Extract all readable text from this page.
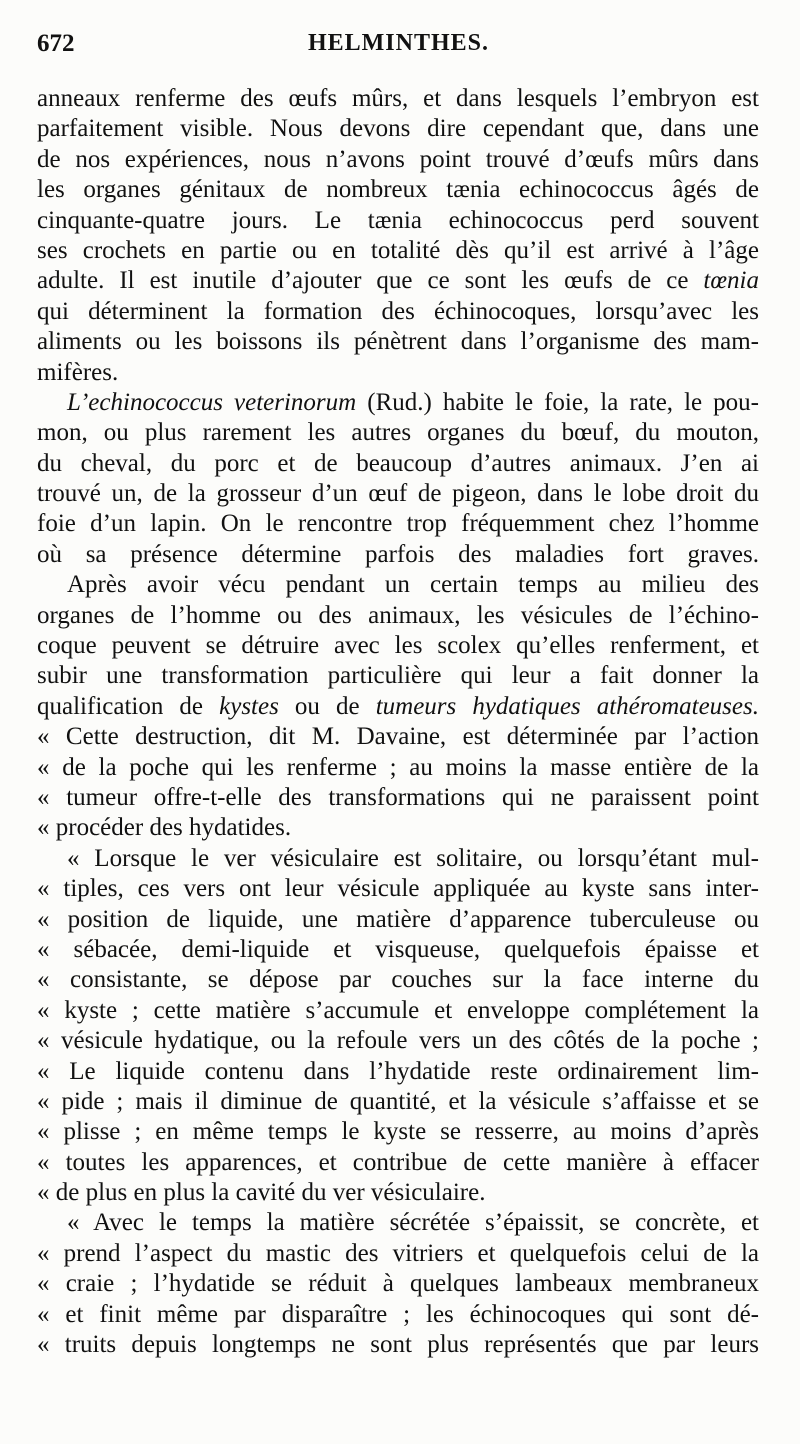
672	HELMINTHES.
anneaux renferme des œufs mûrs, et dans lesquels l’embryon est
parfaitement visible. Nous devons dire cependant que, dans une
de nos expériences, nous n’avons point trouvé d’œufs mûrs dans
les organes génitaux de nombreux tænia echinococcus âgés de
cinquante-quatre jours. Le tænia echinococcus perd souvent
ses crochets en partie ou en totalité dès qu’il est arrivé à l’âge
adulte. Il est inutile d’ajouter que ce sont les œufs de ce tœnia
qui déterminent la formation des échinocoques, lorsqu’avec les
aliments ou les boissons ils pénètrent dans l’organisme des mam-
mifères.
L’echinococcus veterinorum (Rud.) habite le foie, la rate, le pou-
mon, ou plus rarement les autres organes du bœuf, du mouton,
du cheval, du porc et de beaucoup d’autres animaux. J’en ai
trouvé un, de la grosseur d’un œuf de pigeon, dans le lobe droit du
foie d’un lapin. On le rencontre trop fréquemment chez l’homme
où sa présence détermine parfois des maladies fort graves.
Après avoir vécu pendant un certain temps au milieu des
organes de l’homme ou des animaux, les vésicules de l’échino-
coque peuvent se détruire avec les scolex qu’elles renferment, et
subir une transformation particulière qui leur a fait donner la
qualification de kystes ou de tumeurs hydatiques athéromateuses.
« Cette destruction, dit M. Davaine, est déterminée par l’action
« de la poche qui les renferme ; au moins la masse entière de la
« tumeur offre-t-elle des transformations qui ne paraissent point
« procéder des hydatides.
« Lorsque le ver vésiculaire est solitaire, ou lorsqu’étant mul-
« tiples, ces vers ont leur vésicule appliquée au kyste sans inter-
« position de liquide, une matière d’apparence tuberculeuse ou
« sébacée, demi-liquide et visqueuse, quelquefois épaisse et
« consistante, se dépose par couches sur la face interne du
« kyste ; cette matière s’accumule et enveloppe complétement la
« vésicule hydatique, ou la refoule vers un des côtés de la poche ;
« Le liquide contenu dans l’hydatide reste ordinairement lim-
« pide ; mais il diminue de quantité, et la vésicule s’affaisse et se
« plisse ; en même temps le kyste se resserre, au moins d’après
« toutes les apparences, et contribue de cette manière à effacer
« de plus en plus la cavité du ver vésiculaire.
« Avec le temps la matière sécrétée s’épaissit, se concrète, et
« prend l’aspect du mastic des vitriers et quelquefois celui de la
« craie ; l’hydatide se réduit à quelques lambeaux membraneux
« et finit même par disparaître ; les échinocoques qui sont dé-
« truits depuis longtemps ne sont plus représentés que par leurs
